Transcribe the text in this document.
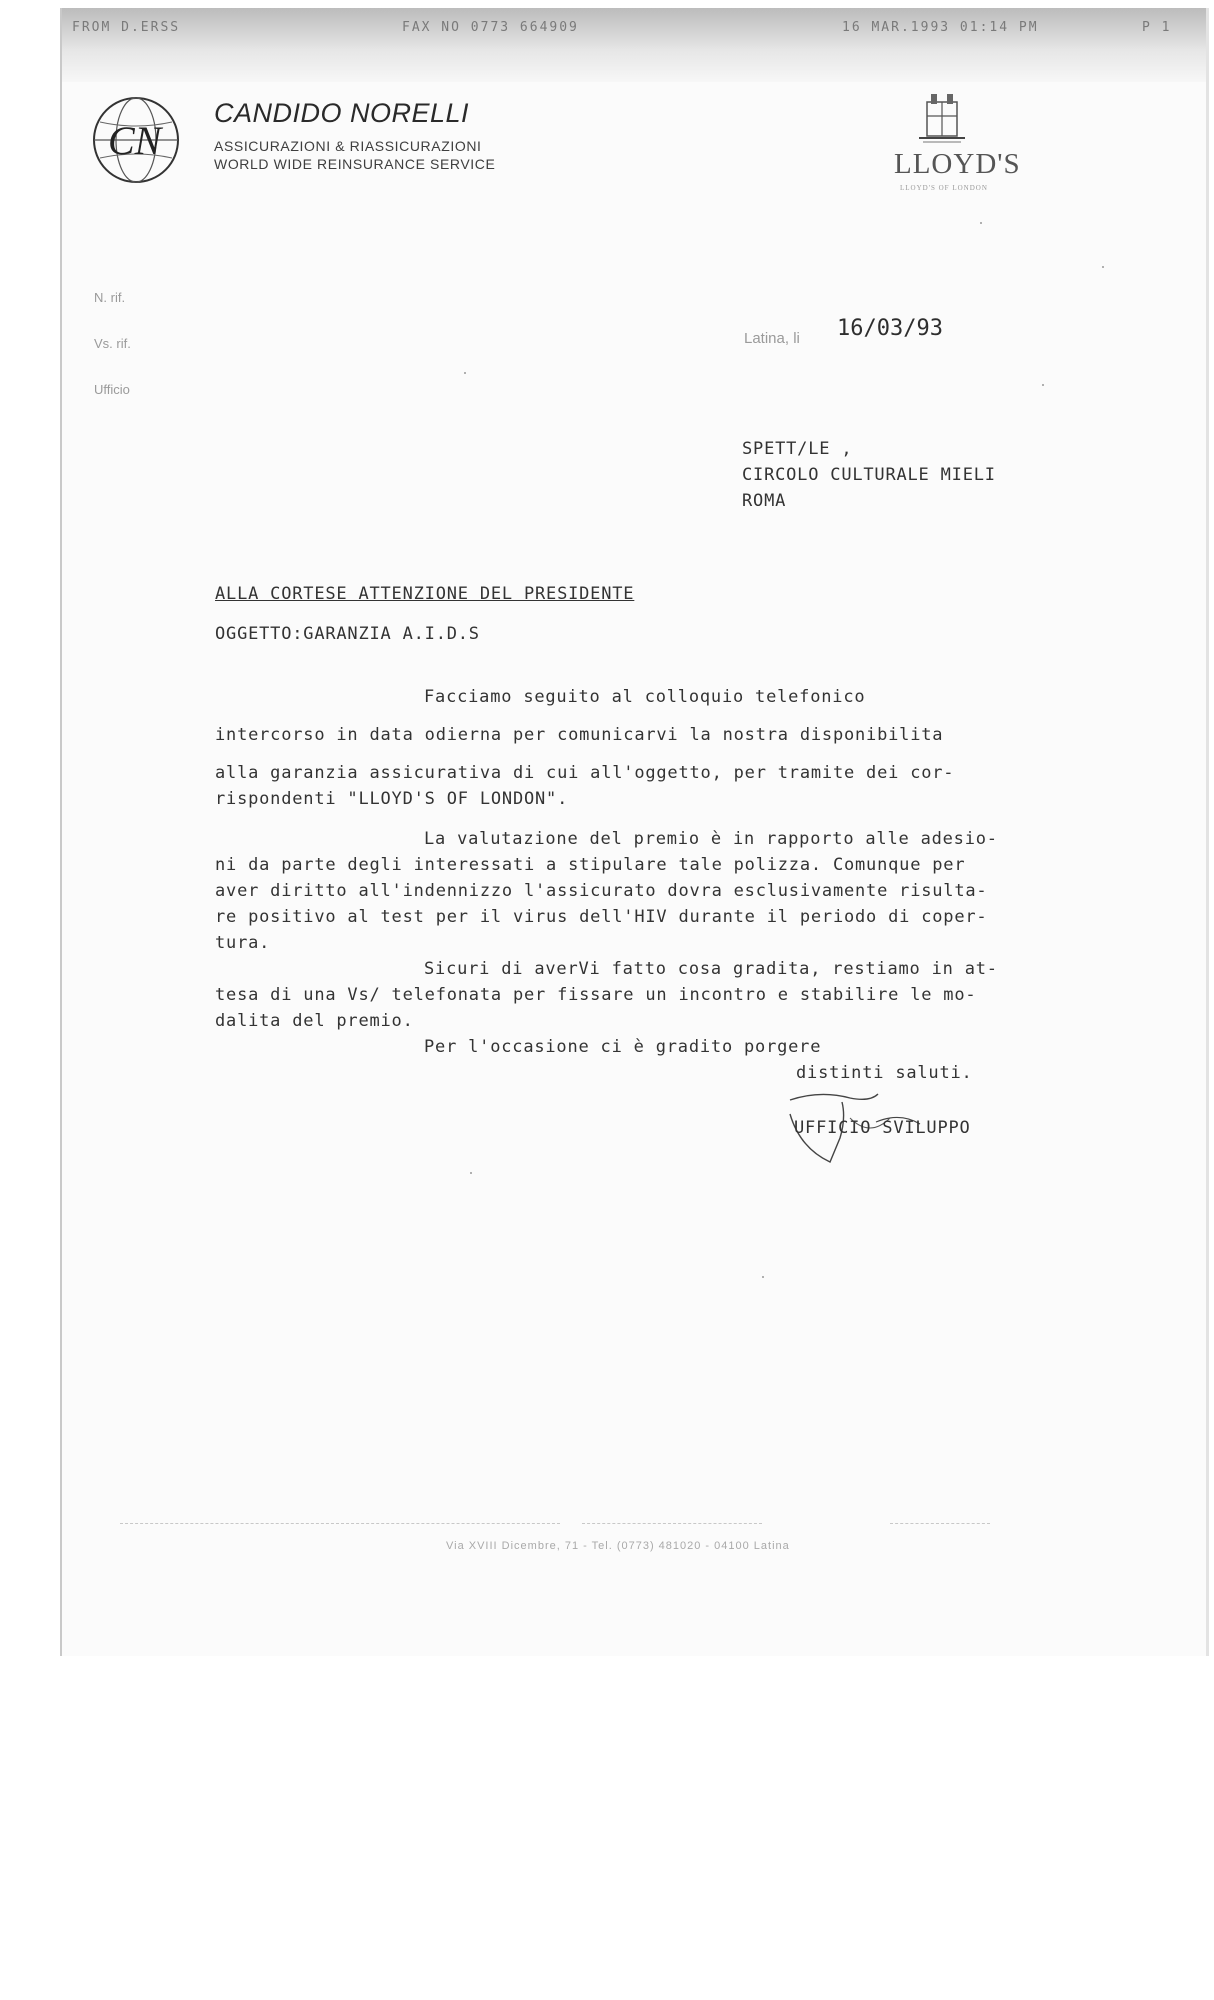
FROM D.ERSS	FAX NO 0773 664909	16 MAR.1993 01:14 PM	P 1
CN
CANDIDO NORELLI
ASSICURAZIONI & RIASSICURAZIONI
WORLD WIDE REINSURANCE SERVICE	LLOYD'S
LLOYD'S OF LONDON
N. rif.
Vs. rif.
Ufficio
Latina, li 16/03/93
SPETT/LE ,
CIRCOLO CULTURALE MIELI
ROMA
ALLA CORTESE ATTENZIONE DEL PRESIDENTE
OGGETTO:GARANZIA A.I.D.S
Facciamo seguito al colloquio telefonico
intercorso in data odierna per comunicarvi la nostra disponibilita
alla garanzia assicurativa di cui all'oggetto, per tramite dei cor-
rispondenti "LLOYD'S OF LONDON".
La valutazione del premio è in rapporto alle adesio-
ni da parte degli interessati a stipulare tale polizza. Comunque per
aver diritto all'indennizzo l'assicurato dovra esclusivamente risulta-
re positivo al test per il virus dell'HIV durante il periodo di coper-
tura.
Sicuri di averVi fatto cosa gradita, restiamo in at-
tesa di una Vs/ telefonata per fissare un incontro e stabilire le mo-
dalita del premio.
Per l'occasione ci è gradito porgere
distinti saluti.
UFFICIO SVILUPPO
Via XVIII Dicembre, 71 - Tel. (0773) 481020 - 04100 Latina
